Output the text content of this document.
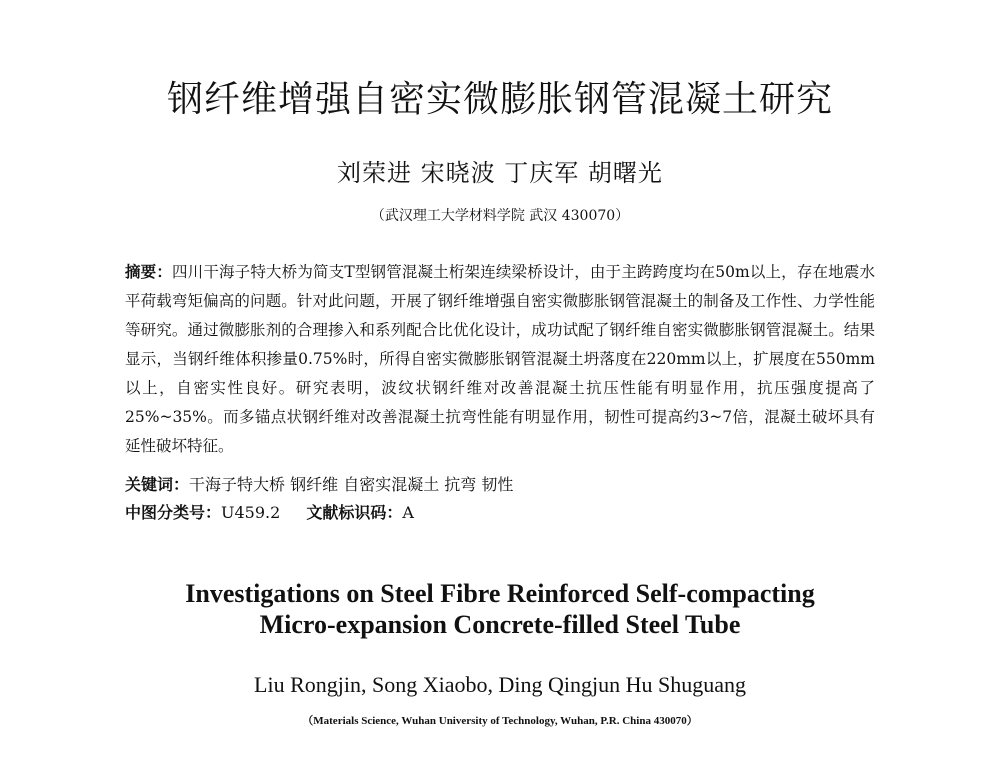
钢纤维增强自密实微膨胀钢管混凝土研究
刘荣进 宋晓波 丁庆军 胡曙光
（武汉理工大学材料学院 武汉 430070）
摘要：四川干海子特大桥为简支T型钢管混凝土桁架连续梁桥设计，由于主跨跨度均在50m以上，存在地震水平荷载弯矩偏高的问题。针对此问题，开展了钢纤维增强自密实微膨胀钢管混凝土的制备及工作性、力学性能等研究。通过微膨胀剂的合理掺入和系列配合比优化设计，成功试配了钢纤维自密实微膨胀钢管混凝土。结果显示，当钢纤维体积掺量0.75%时，所得自密实微膨胀钢管混凝土坍落度在220mm以上，扩展度在550mm以上，自密实性良好。研究表明，波纹状钢纤维对改善混凝土抗压性能有明显作用，抗压强度提高了25%~35%。而多锚点状钢纤维对改善混凝土抗弯性能有明显作用，韧性可提高约3~7倍，混凝土破坏具有延性破坏特征。
关键词：干海子特大桥 钢纤维 自密实混凝土 抗弯 韧性
中图分类号：U459.2 文献标识码：A
Investigations on Steel Fibre Reinforced Self-compacting
Micro-expansion Concrete-filled Steel Tube
Liu Rongjin, Song Xiaobo, Ding Qingjun Hu Shuguang
（Materials Science, Wuhan University of Technology, Wuhan, P.R. China 430070）
